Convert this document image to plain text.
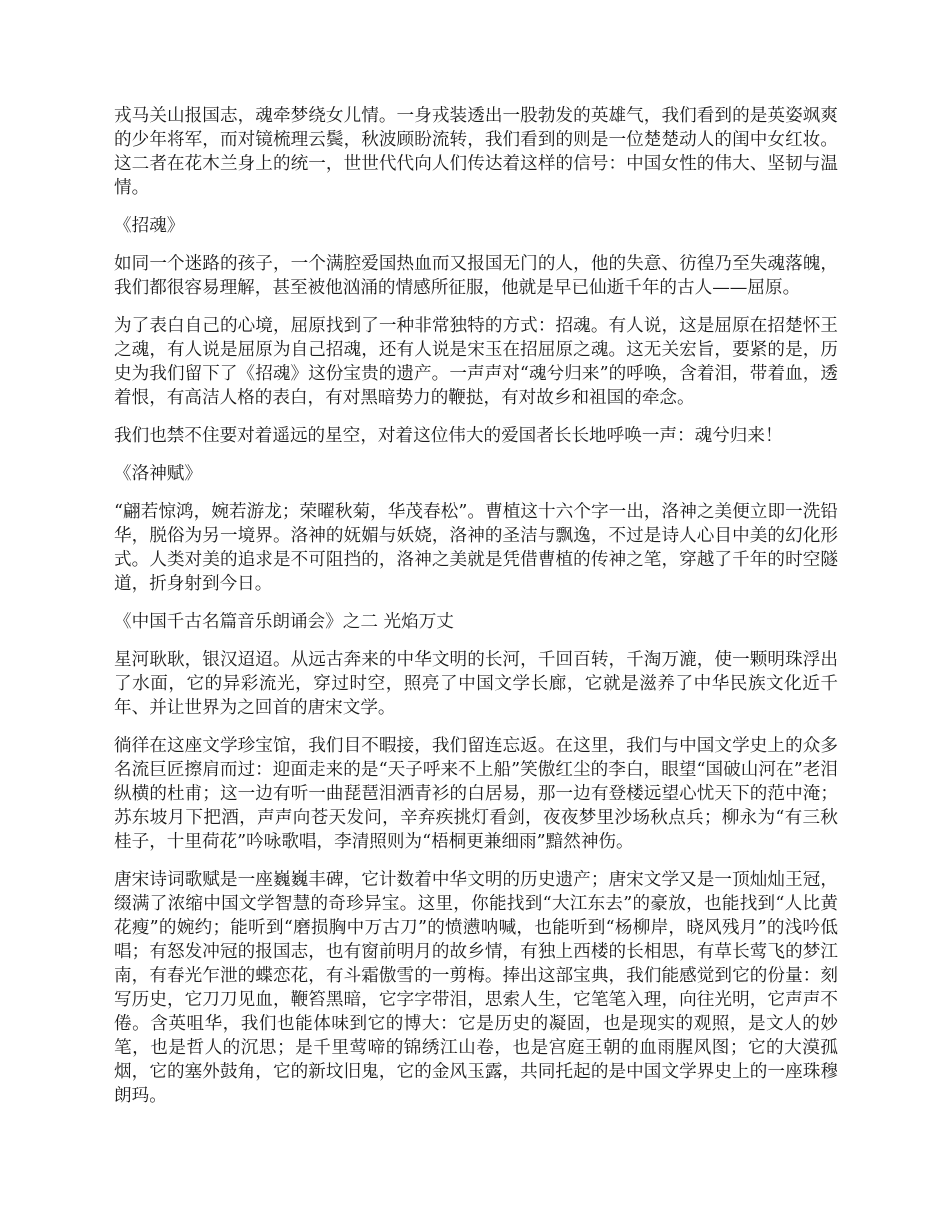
戎马关山报国志，魂牵梦绕女儿情。一身戎装透出一股勃发的英雄气，我们看到的是英姿飒爽的少年将军，而对镜梳理云鬓，秋波顾盼流转，我们看到的则是一位楚楚动人的闺中女红妆。这二者在花木兰身上的统一，世世代代向人们传达着这样的信号：中国女性的伟大、坚韧与温情。

《招魂》

如同一个迷路的孩子，一个满腔爱国热血而又报国无门的人，他的失意、彷徨乃至失魂落魄，我们都很容易理解，甚至被他汹涌的情感所征服，他就是早已仙逝千年的古人——屈原。

为了表白自己的心境，屈原找到了一种非常独特的方式：招魂。有人说，这是屈原在招楚怀王之魂，有人说是屈原为自己招魂，还有人说是宋玉在招屈原之魂。这无关宏旨，要紧的是，历史为我们留下了《招魂》这份宝贵的遗产。一声声对“魂兮归来”的呼唤，含着泪，带着血，透着恨，有高洁人格的表白，有对黑暗势力的鞭挞，有对故乡和祖国的牵念。

我们也禁不住要对着遥远的星空，对着这位伟大的爱国者长长地呼唤一声：魂兮归来！

《洛神赋》

“翩若惊鸿，婉若游龙；荣曜秋菊，华茂春松”。曹植这十六个字一出，洛神之美便立即一洗铅华，脱俗为另一境界。洛神的妩媚与妖娆，洛神的圣洁与飘逸，不过是诗人心目中美的幻化形式。人类对美的追求是不可阻挡的，洛神之美就是凭借曹植的传神之笔，穿越了千年的时空隧道，折身射到今日。

《中国千古名篇音乐朗诵会》之二 光焰万丈

星河耿耿，银汉迢迢。从远古奔来的中华文明的长河，千回百转，千淘万漉，使一颗明珠浮出了水面，它的异彩流光，穿过时空，照亮了中国文学长廊，它就是滋养了中华民族文化近千年、并让世界为之回首的唐宋文学。

徜徉在这座文学珍宝馆，我们目不暇接，我们留连忘返。在这里，我们与中国文学史上的众多名流巨匠擦肩而过：迎面走来的是“天子呼来不上船”笑傲红尘的李白，眼望“国破山河在”老泪纵横的杜甫；这一边有听一曲琵琶泪洒青衫的白居易，那一边有登楼远望心忧天下的范中淹；苏东坡月下把酒，声声向苍天发问，辛弃疾挑灯看剑，夜夜梦里沙场秋点兵；柳永为“有三秋桂子，十里荷花”吟咏歌唱，李清照则为“梧桐更兼细雨”黯然神伤。

唐宋诗词歌赋是一座巍巍丰碑，它计数着中华文明的历史遗产；唐宋文学又是一顶灿灿王冠，缀满了浓缩中国文学智慧的奇珍异宝。这里，你能找到“大江东去”的豪放，也能找到“人比黄花瘦”的婉约；能听到“磨损胸中万古刀”的愤懑呐喊，也能听到“杨柳岸，晓风残月”的浅吟低唱；有怒发冲冠的报国志，也有窗前明月的故乡情，有独上西楼的长相思，有草长莺飞的梦江南，有春光乍泄的蝶恋花，有斗霜傲雪的一剪梅。捧出这部宝典，我们能感觉到它的份量：刻写历史，它刀刀见血，鞭笞黑暗，它字字带泪，思索人生，它笔笔入理，向往光明，它声声不倦。含英咀华，我们也能体味到它的博大：它是历史的凝固，也是现实的观照，是文人的妙笔，也是哲人的沉思；是千里莺啼的锦绣江山卷，也是宫庭王朝的血雨腥风图；它的大漠孤烟，它的塞外鼓角，它的新坟旧鬼，它的金风玉露，共同托起的是中国文学界史上的一座珠穆朗玛。
